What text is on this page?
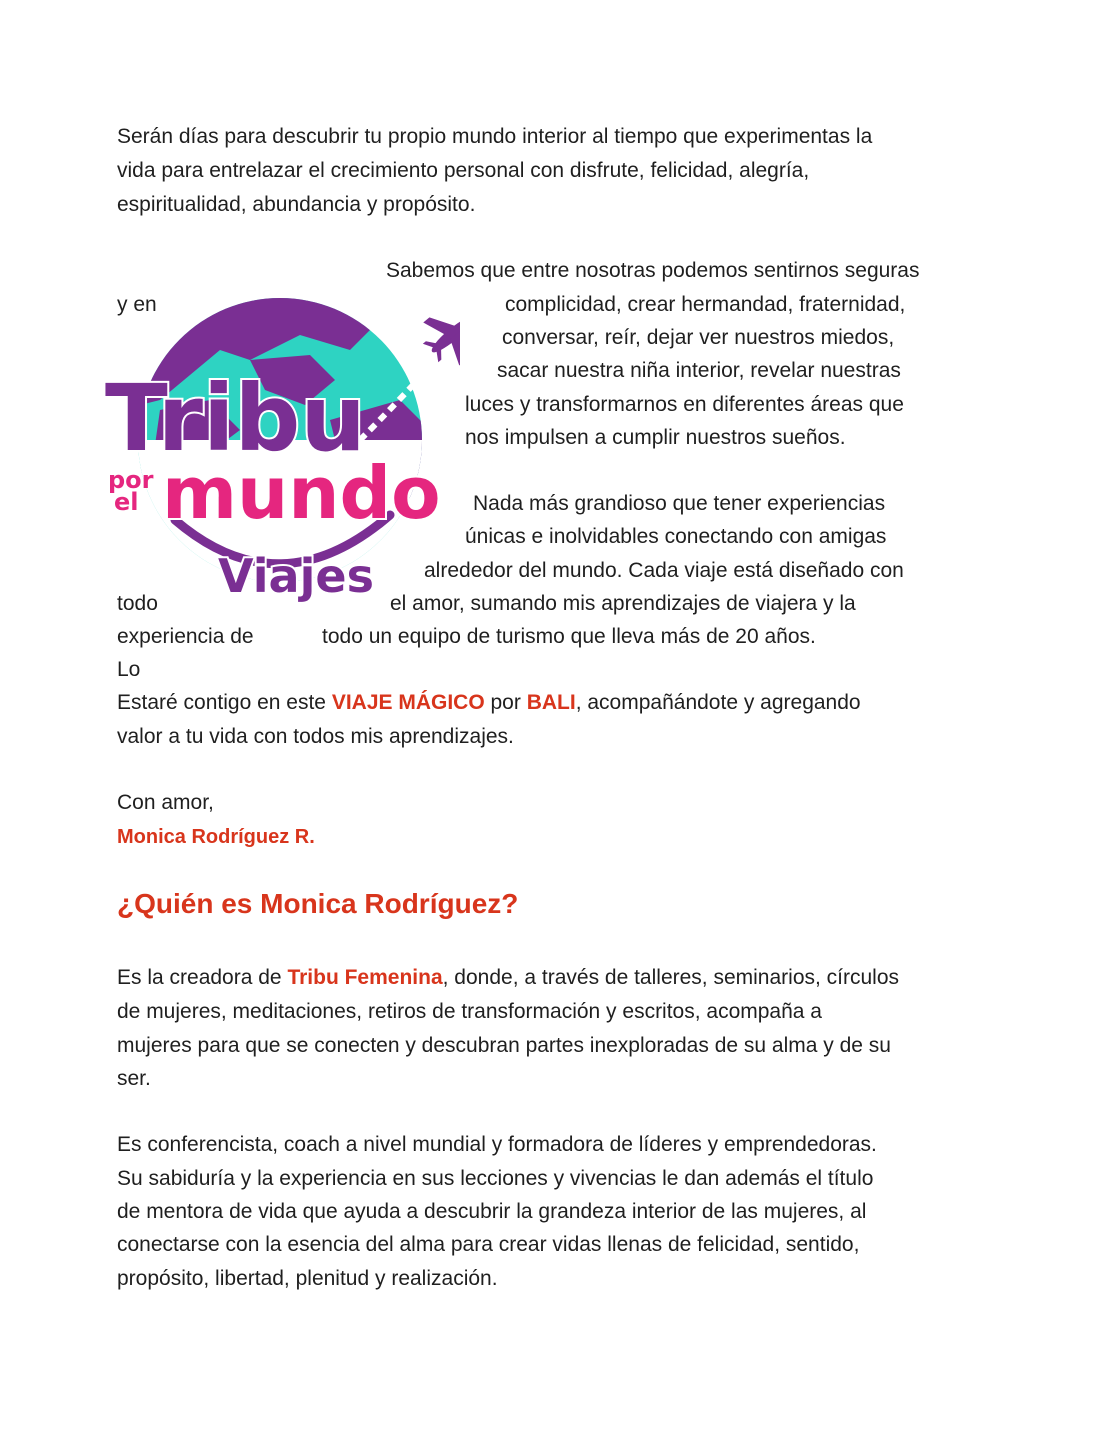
Serán días para descubrir tu propio mundo interior al tiempo que experimentas la
vida para entrelazar el crecimiento personal con disfrute, felicidad, alegría,
espiritualidad, abundancia y propósito.
Tribu
por
el mundo
Viajes
Sabemos que entre nosotras podemos sentirnos seguras
y en	complicidad, crear hermandad, fraternidad,
conversar, reír, dejar ver nuestros miedos,
sacar nuestra niña interior, revelar nuestras
luces y transformarnos en diferentes áreas que
nos impulsen a cumplir nuestros sueños.
Nada más grandioso que tener experiencias
únicas e inolvidables conectando con amigas
alrededor del mundo. Cada viaje está diseñado con
todo	el amor, sumando mis aprendizajes de viajera y la
experiencia de	todo un equipo de turismo que lleva más de 20 años.
Lo
Estaré contigo en este VIAJE MÁGICO por BALI, acompañándote y agregando
valor a tu vida con todos mis aprendizajes.
Con amor,
Monica Rodríguez R.
¿Quién es Monica Rodríguez?
Es la creadora de Tribu Femenina, donde, a través de talleres, seminarios, círculos
de mujeres, meditaciones, retiros de transformación y escritos, acompaña a
mujeres para que se conecten y descubran partes inexploradas de su alma y de su
ser.
Es conferencista, coach a nivel mundial y formadora de líderes y emprendedoras.
Su sabiduría y la experiencia en sus lecciones y vivencias le dan además el título
de mentora de vida que ayuda a descubrir la grandeza interior de las mujeres, al
conectarse con la esencia del alma para crear vidas llenas de felicidad, sentido,
propósito, libertad, plenitud y realización.
